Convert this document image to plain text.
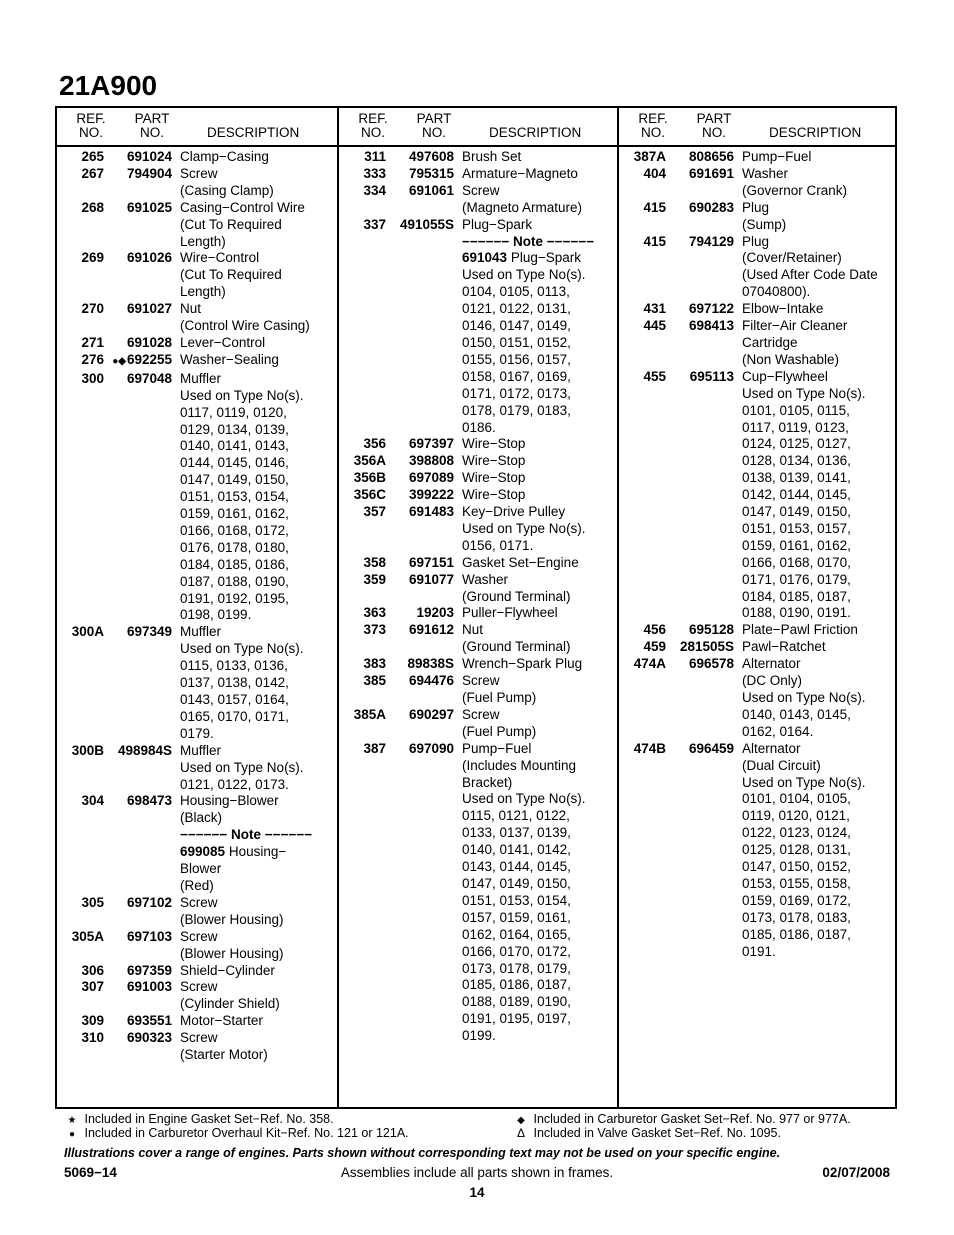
21A900
REF.
NO.
PART
NO.	DESCRIPTION
265	691024 Clamp−Casing
267	794904 Screw
(Casing Clamp)
268	691025 Casing−Control Wire
(Cut To Required
Length)
269	691026 Wire−Control
(Cut To Required
Length)
270	691027 Nut
(Control Wire Casing)
271	691028 Lever−Control
276 ●◆692255 Washer−Sealing
300	697048 Muffler
Used on Type No(s).
0117, 0119, 0120,
0129, 0134, 0139,
0140, 0141, 0143,
0144, 0145, 0146,
0147, 0149, 0150,
0151, 0153, 0154,
0159, 0161, 0162,
0166, 0168, 0172,
0176, 0178, 0180,
0184, 0185, 0186,
0187, 0188, 0190,
0191, 0192, 0195,
0198, 0199.
300A	697349 Muffler
Used on Type No(s).
0115, 0133, 0136,
0137, 0138, 0142,
0143, 0157, 0164,
0165, 0170, 0171,
0179.
300B	498984S Muffler
Used on Type No(s).
0121, 0122, 0173.
304	698473 Housing−Blower
(Black)
−−−−−− Note −−−−−−
699085 Housing−
Blower
(Red)
305	697102 Screw
(Blower Housing)
305A	697103 Screw
(Blower Housing)
306	697359 Shield−Cylinder
307	691003 Screw
(Cylinder Shield)
309	693551 Motor−Starter
310	690323 Screw
(Starter Motor)
REF.
NO.
PART
NO.	DESCRIPTION
311	497608 Brush Set
333	795315 Armature−Magneto
334	691061 Screw
(Magneto Armature)
337	491055S Plug−Spark
−−−−−− Note −−−−−−
691043 Plug−Spark
Used on Type No(s).
0104, 0105, 0113,
0121, 0122, 0131,
0146, 0147, 0149,
0150, 0151, 0152,
0155, 0156, 0157,
0158, 0167, 0169,
0171, 0172, 0173,
0178, 0179, 0183,
0186.
356	697397 Wire−Stop
356A	398808 Wire−Stop
356B	697089 Wire−Stop
356C	399222 Wire−Stop
357	691483 Key−Drive Pulley
Used on Type No(s).
0156, 0171.
358	697151 Gasket Set−Engine
359	691077 Washer
(Ground Terminal)
363	19203 Puller−Flywheel
373	691612 Nut
(Ground Terminal)
383	89838S Wrench−Spark Plug
385	694476 Screw
(Fuel Pump)
385A	690297 Screw
(Fuel Pump)
387	697090 Pump−Fuel
(Includes Mounting
Bracket)
Used on Type No(s).
0115, 0121, 0122,
0133, 0137, 0139,
0140, 0141, 0142,
0143, 0144, 0145,
0147, 0149, 0150,
0151, 0153, 0154,
0157, 0159, 0161,
0162, 0164, 0165,
0166, 0170, 0172,
0173, 0178, 0179,
0185, 0186, 0187,
0188, 0189, 0190,
0191, 0195, 0197,
0199.
REF.
NO.
PART
NO.	DESCRIPTION
387A	808656 Pump−Fuel
404	691691 Washer
(Governor Crank)
415	690283 Plug
(Sump)
415	794129 Plug
(Cover/Retainer)
(Used After Code Date
07040800).
431	697122 Elbow−Intake
445	698413 Filter−Air Cleaner
Cartridge
(Non Washable)
455	695113 Cup−Flywheel
Used on Type No(s).
0101, 0105, 0115,
0117, 0119, 0123,
0124, 0125, 0127,
0128, 0134, 0136,
0138, 0139, 0141,
0142, 0144, 0145,
0147, 0149, 0150,
0151, 0153, 0157,
0159, 0161, 0162,
0166, 0168, 0170,
0171, 0176, 0179,
0184, 0185, 0187,
0188, 0190, 0191.
456	695128 Plate−Pawl Friction
459	281505S Pawl−Ratchet
474A	696578 Alternator
(DC Only)
Used on Type No(s).
0140, 0143, 0145,
0162, 0164.
474B	696459 Alternator
(Dual Circuit)
Used on Type No(s).
0101, 0104, 0105,
0119, 0120, 0121,
0122, 0123, 0124,
0125, 0128, 0131,
0147, 0150, 0152,
0153, 0155, 0158,
0159, 0169, 0172,
0173, 0178, 0183,
0185, 0186, 0187,
0191.
★ Included in Engine Gasket Set−Ref. No. 358.
● Included in Carburetor Overhaul Kit−Ref. No. 121 or 121A.
◆ Included in Carburetor Gasket Set−Ref. No. 977 or 977A.
Δ Included in Valve Gasket Set−Ref. No. 1095.
Illustrations cover a range of engines. Parts shown without corresponding text may not be used on your specific engine.
5069−14	Assemblies include all parts shown in frames.	02/07/2008
14
